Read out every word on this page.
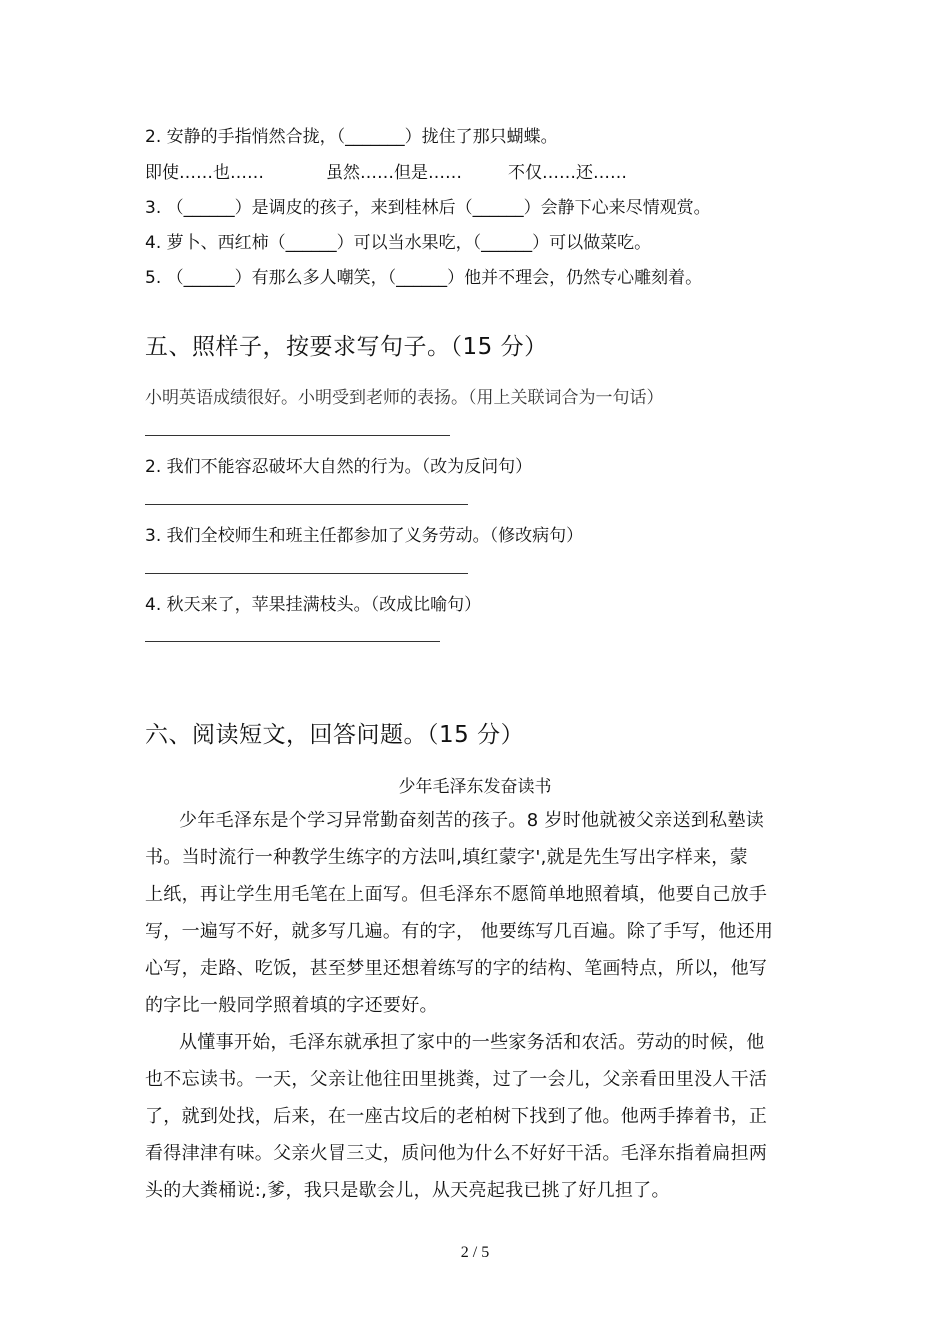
2. 安静的手指悄然合拢，（_______）拢住了那只蝴蝶。
即使……也……	虽然……但是……	不仅……还……
3. （______）是调皮的孩子，来到桂林后（______）会静下心来尽情观赏。
4. 萝卜、西红柿（______）可以当水果吃，（______）可以做菜吃。
5. （______）有那么多人嘲笑，（______）他并不理会，仍然专心雕刻着。
五、照样子，按要求写句子。（15 分）
小明英语成绩很好。小明受到老师的表扬。（用上关联词合为一句话）
2. 我们不能容忍破坏大自然的行为。（改为反问句）
3. 我们全校师生和班主任都参加了义务劳动。（修改病句）
4. 秋天来了，苹果挂满枝头。（改成比喻句）
六、阅读短文，回答问题。（15 分）
少年毛泽东发奋读书
少年毛泽东是个学习异常勤奋刻苦的孩子。8 岁时他就被父亲送到私塾读
书。当时流行一种教学生练字的方法叫,填红蒙字',就是先生写出字样来，蒙
上纸，再让学生用毛笔在上面写。但毛泽东不愿简单地照着填，他要自己放手
写，一遍写不好，就多写几遍。有的字， 他要练写几百遍。除了手写，他还用
心写，走路、吃饭，甚至梦里还想着练写的字的结构、笔画特点，所以，他写
的字比一般同学照着填的字还要好。
从懂事开始，毛泽东就承担了家中的一些家务活和农活。劳动的时候，他
也不忘读书。一天，父亲让他往田里挑粪，过了一会儿，父亲看田里没人干活
了，就到处找，后来，在一座古坟后的老柏树下找到了他。他两手捧着书，正
看得津津有味。父亲火冒三丈，质问他为什么不好好干活。毛泽东指着扁担两
头的大粪桶说:,爹，我只是歇会儿，从天亮起我已挑了好几担了。
2 / 5
